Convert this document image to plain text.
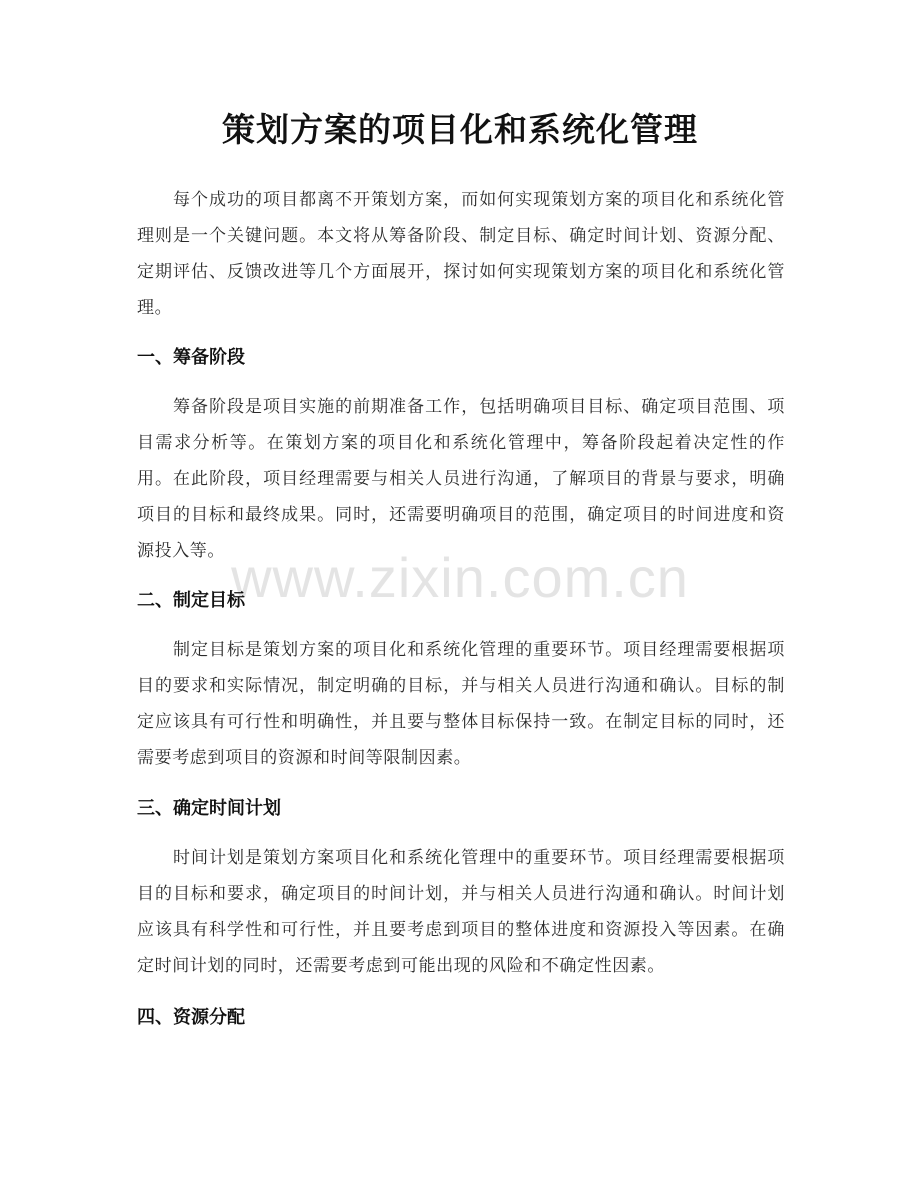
www.zixin.com.cn
策划方案的项目化和系统化管理
每个成功的项目都离不开策划方案，而如何实现策划方案的项目化和系统化管理则是一个关键问题。本文将从筹备阶段、制定目标、确定时间计划、资源分配、定期评估、反馈改进等几个方面展开，探讨如何实现策划方案的项目化和系统化管理。
一、筹备阶段
筹备阶段是项目实施的前期准备工作，包括明确项目目标、确定项目范围、项目需求分析等。在策划方案的项目化和系统化管理中，筹备阶段起着决定性的作用。在此阶段，项目经理需要与相关人员进行沟通，了解项目的背景与要求，明确项目的目标和最终成果。同时，还需要明确项目的范围，确定项目的时间进度和资源投入等。
二、制定目标
制定目标是策划方案的项目化和系统化管理的重要环节。项目经理需要根据项目的要求和实际情况，制定明确的目标，并与相关人员进行沟通和确认。目标的制定应该具有可行性和明确性，并且要与整体目标保持一致。在制定目标的同时，还需要考虑到项目的资源和时间等限制因素。
三、确定时间计划
时间计划是策划方案项目化和系统化管理中的重要环节。项目经理需要根据项目的目标和要求，确定项目的时间计划，并与相关人员进行沟通和确认。时间计划应该具有科学性和可行性，并且要考虑到项目的整体进度和资源投入等因素。在确定时间计划的同时，还需要考虑到可能出现的风险和不确定性因素。
四、资源分配
